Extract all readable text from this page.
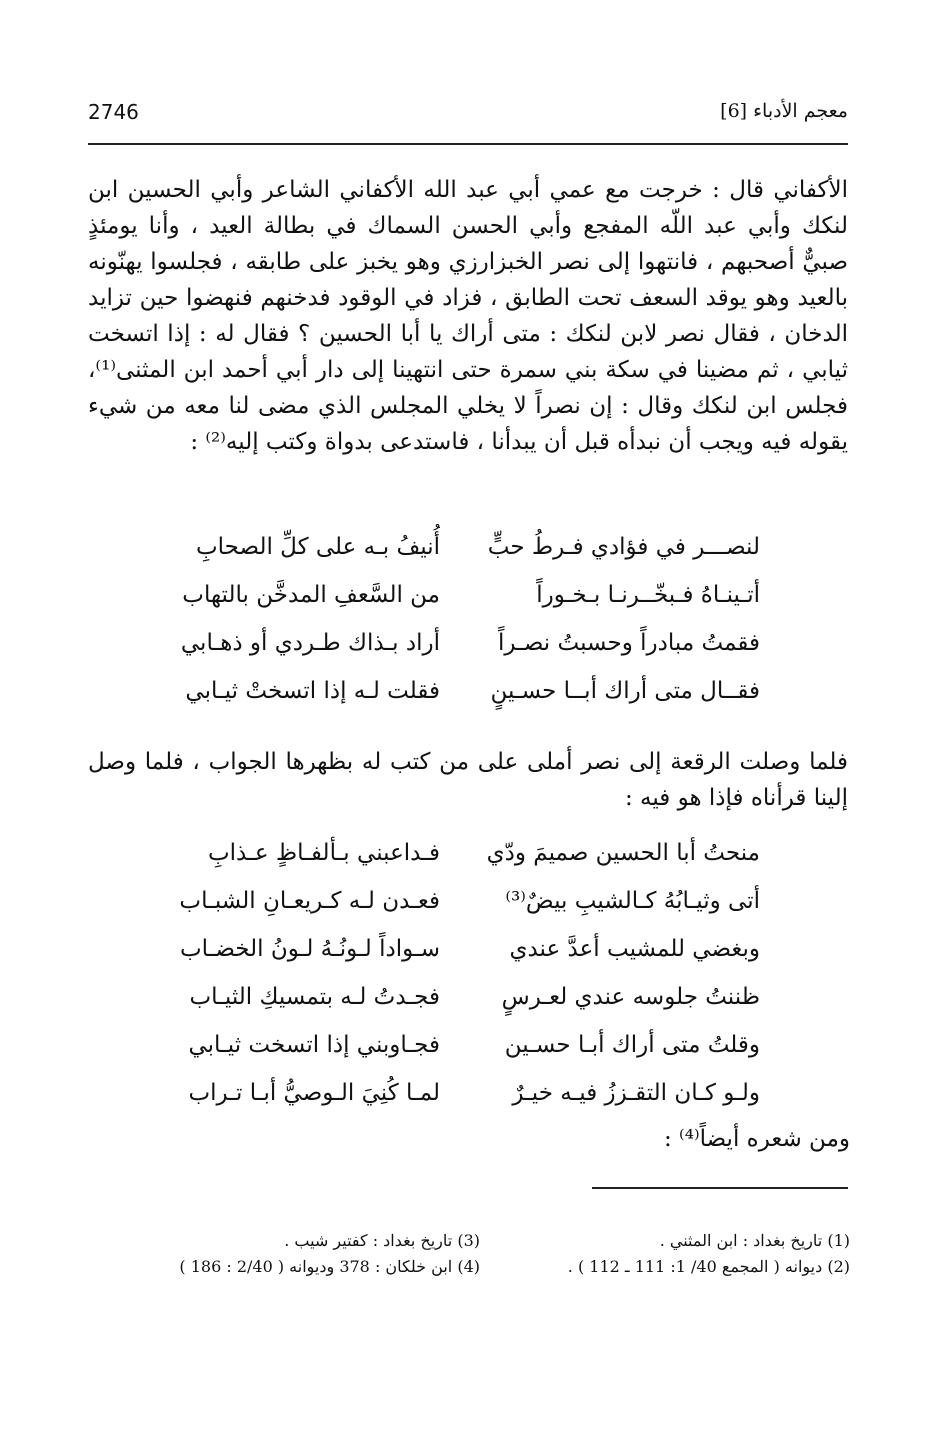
2746	معجم الأدباء [6]
الأكفاني قال : خرجت مع عمي أبي عبد الله الأكفاني الشاعر وأبي الحسين ابن لنكك وأبي عبد اللّه المفجع وأبي الحسن السماك في بطالة العيد ، وأنا يومئذٍ صبيٌّ أصحبهم ، فانتهوا إلى نصر الخبزارزي وهو يخبز على طابقه ، فجلسوا يهنّونه بالعيد وهو يوقد السعف تحت الطابق ، فزاد في الوقود فدخنهم فنهضوا حين تزايد الدخان ، فقال نصر لابن لنكك : متى أراك يا أبا الحسين ؟ فقال له : إذا اتسخت ثيابي ، ثم مضينا في سكة بني سمرة حتى انتهينا إلى دار أبي أحمد ابن المثنى⁽¹⁾، فجلس ابن لنكك وقال : إن نصراً لا يخلي المجلس الذي مضى لنا معه من شيء يقوله فيه ويجب أن نبدأه قبل أن يبدأنا ، فاستدعى بدواة وكتب إليه⁽²⁾ :
لنصـــر في فؤادي فـرطُ حبٍّ
أُنيفُ بـه على كلِّ الصحابِ
أتـينـاهُ فـبخّــرنـا بـخـوراً
من السَّعفِ المدخَّن بالتهاب
فقمتُ مبادراً وحسبتُ نصـراً
أراد بـذاك طـردي أو ذهـابي
فقــال متى أراك أبــا حسـينٍ
فقلت لـه إذا اتسختْ ثيـابي
فلما وصلت الرقعة إلى نصر أملى على من كتب له بظهرها الجواب ، فلما وصل إلينا قرأناه فإذا هو فيه :
منحتُ أبا الحسين صميمَ ودّي
فـداعبني بـألفـاظٍ عـذابِ
أتى وثيـابُهُ كـالشيبِ بيضٌ⁽³⁾
فعـدن لـه كـريعـانِ الشبـاب
وبغضي للمشيب أعدَّ عندي
سـواداً لـونُـهُ لـونُ الخضـاب
ظننتُ جلوسه عندي لعـرسٍ
فجـدتُ لـه بتمسيكِ الثيـاب
وقلتُ متى أراك أبـا حسـين
فجـاوبني إذا اتسخت ثيـابي
ولـو كـان التقـززُ فيـه خيـرٌ
لمـا كُنِيَ الـوصيُّ أبـا تـراب
ومن شعره أيضاً⁽⁴⁾ :
(1) تاريخ بغداد : ابن المثني .
(2) ديوانه ( المجمع 40/ 1: 111 ـ 112 ) .
(3) تاريخ بغداد : كفتير شيب .
(4) ابن خلكان : 378 وديوانه ( 2/40 : 186 )
